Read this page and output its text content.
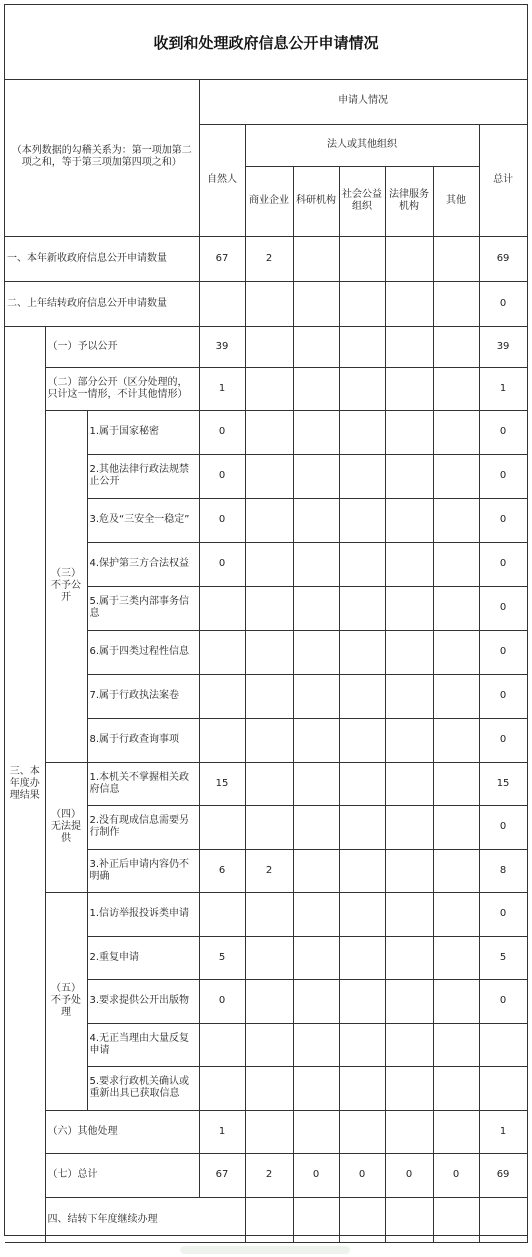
收到和处理政府信息公开申请情况
（本列数据的勾稽关系为：第一项加第二项之和，等于第三项加第四项之和）			申请人情况							
			自然人	法人或其他组织					总计	
				商业企业	科研机构	社会公益组织	法律服务机构	其他		
一、本年新收政府信息公开申请数量			67	2					69	
二、上年结转政府信息公开申请数量									0	
三、本年度办理结果	（一）予以公开		39						39	
	（二）部分公开（区分处理的，只计这一情形，不计其他情形）		1						1	
	（三）不予公开	1.属于国家秘密	0						0	
		2.其他法律行政法规禁止公开	0						0	
		3.危及“三安全一稳定”	0						0	
		4.保护第三方合法权益	0						0	
		5.属于三类内部事务信息							0	
		6.属于四类过程性信息							0	
		7.属于行政执法案卷							0	
		8.属于行政查询事项							0	
	（四）无法提供	1.本机关不掌握相关政府信息	15						15	
		2.没有现成信息需要另行制作							0	
		3.补正后申请内容仍不明确	6	2					8	
	（五）不予处理	1.信访举报投诉类申请							0	
		2.重复申请	5						5	
		3.要求提供公开出版物	0						0	
		4.无正当理由大量反复申请								
		5.要求行政机关确认或重新出具已获取信息								
	（六）其他处理		1						1	
	（七）总计		67	2	0	0	0	0	69	
	四、结转下年度继续办理									
